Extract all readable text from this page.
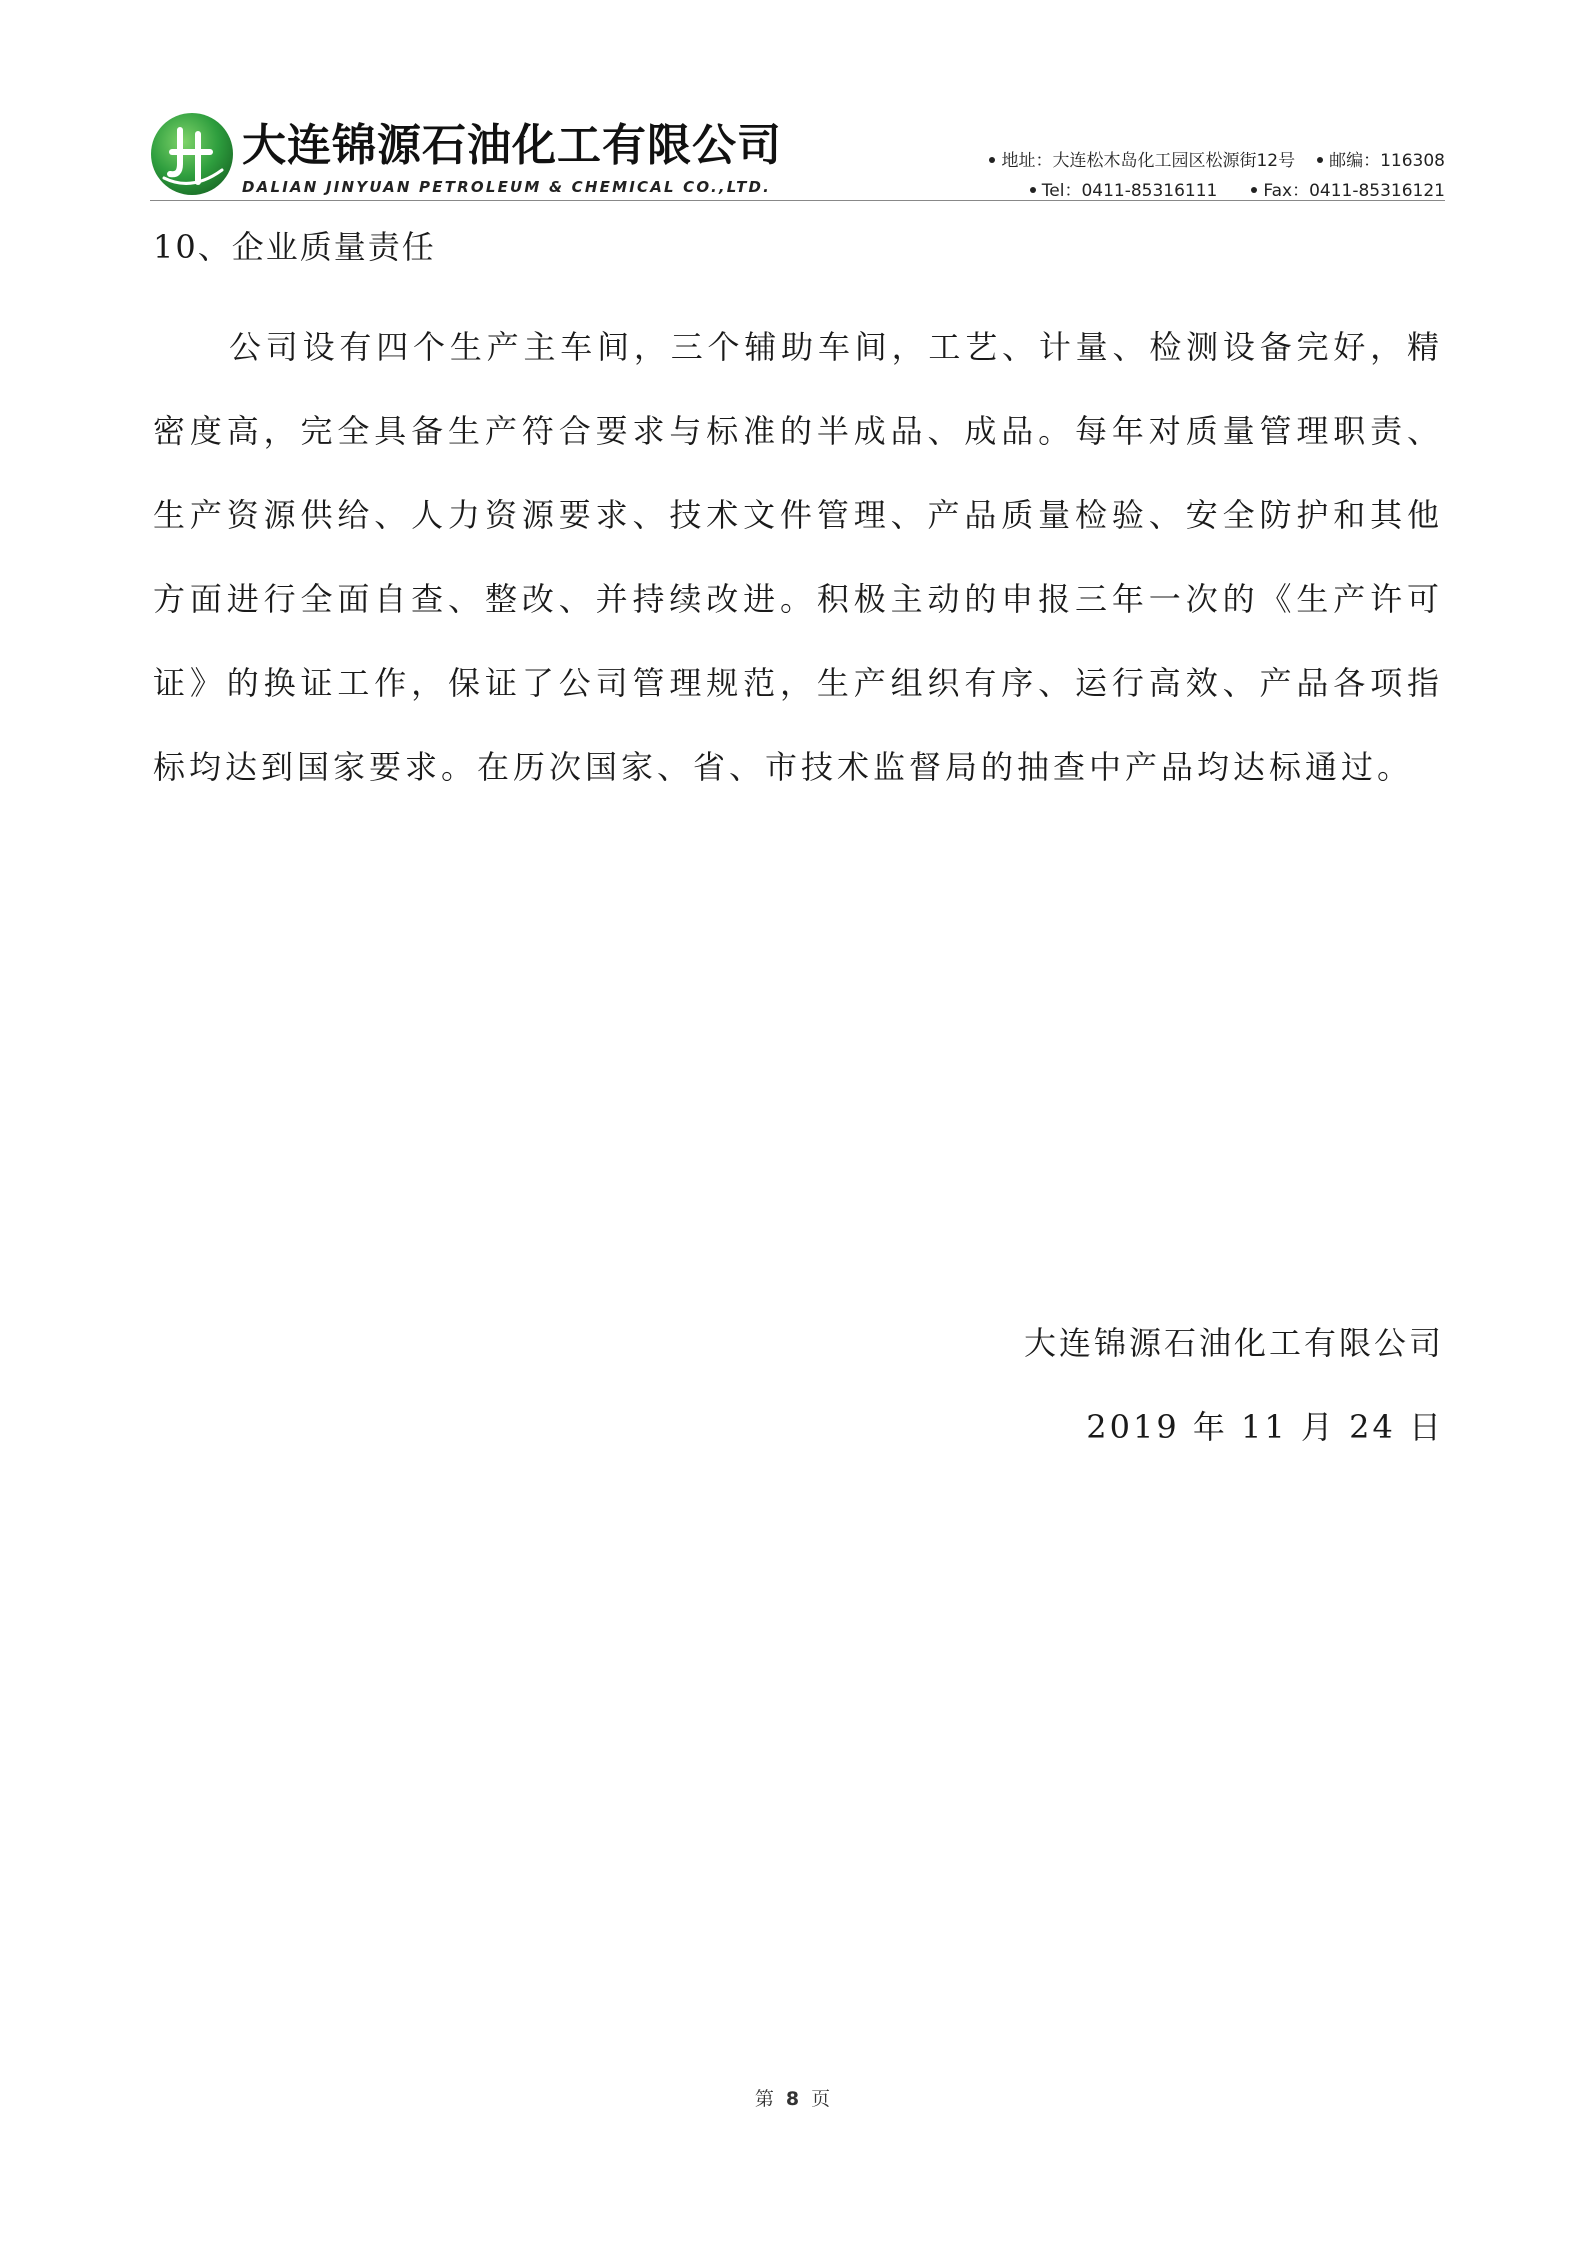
大连锦源石油化工有限公司
DALIAN JINYUAN PETROLEUM & CHEMICAL CO.,LTD.
地址：大连松木岛化工园区松源街12号 邮编：116308
Tel：0411-85316111	Fax：0411-85316121
10、企业质量责任

公司设有四个生产主车间，三个辅助车间，工艺、计量、检测设备完好，精密度高，完全具备生产符合要求与标准的半成品、成品。每年对质量管理职责、生产资源供给、人力资源要求、技术文件管理、产品质量检验、安全防护和其他方面进行全面自查、整改、并持续改进。积极主动的申报三年一次的《生产许可证》的换证工作，保证了公司管理规范，生产组织有序、运行高效、产品各项指标均达到国家要求。在历次国家、省、市技术监督局的抽查中产品均达标通过。

大连锦源石油化工有限公司
2019 年 11 月 24 日
第 8 页
